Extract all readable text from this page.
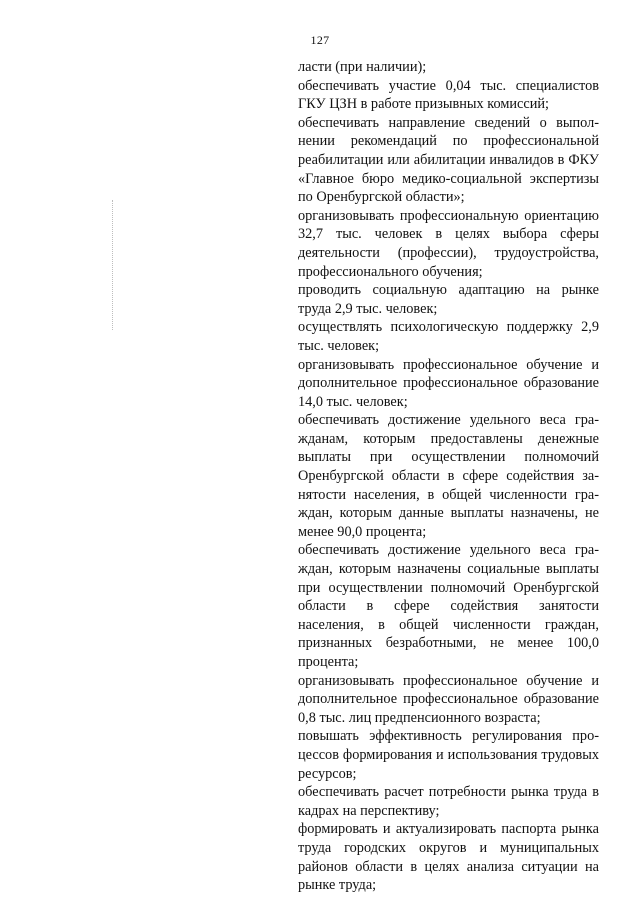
127

ласти (при наличии);

обеспечивать участие 0,04 тыс. специалистов ГКУ ЦЗН в работе призывных комиссий;

обеспечивать направление сведений о выполнении рекомендаций по профессиональной реабилитации или абилитации инвалидов в ФКУ «Главное бюро медико-социальной экспертизы по Оренбургской области»;

организовывать профессиональную ориентацию 32,7 тыс. человек в целях выбора сферы деятельности (профессии), трудоустройства, профессионального обучения;

проводить социальную адаптацию на рынке труда 2,9 тыс. человек;

осуществлять психологическую поддержку 2,9 тыс. человек;

организовывать профессиональное обучение и дополнительное профессиональное образование 14,0 тыс. человек;

обеспечивать достижение удельного веса гражданам, которым предоставлены денежные выплаты при осуществлении полномочий Оренбургской области в сфере содействия занятости населения, в общей численности граждан, которым данные выплаты назначены, не менее 90,0 процента;

обеспечивать достижение удельного веса граждан, которым назначены социальные выплаты при осуществлении полномочий Оренбургской области в сфере содействия занятости населения, в общей численности граждан, признанных безработными, не менее 100,0 процента;

организовывать профессиональное обучение и дополнительное профессиональное образование 0,8 тыс. лиц предпенсионного возраста;

повышать эффективность регулирования процессов формирования и использования трудовых ресурсов;

обеспечивать расчет потребности рынка труда в кадрах на перспективу;

формировать и актуализировать паспорта рынка труда городских округов и муниципальных районов области в целях анализа ситуации на рынке труда;
